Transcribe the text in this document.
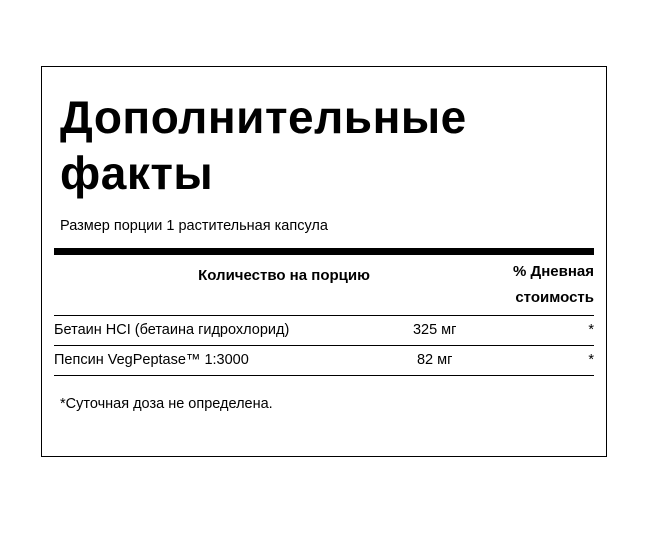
Дополнительные факты
Размер порции 1 растительная капсула
Количество на порцию	% Дневная
стоимость
Бетаин HCI (бетаина гидрохлорид)	325 мг	*
Пепсин VegPeptase™ 1:3000	82 мг	*
*Суточная доза не определена.
